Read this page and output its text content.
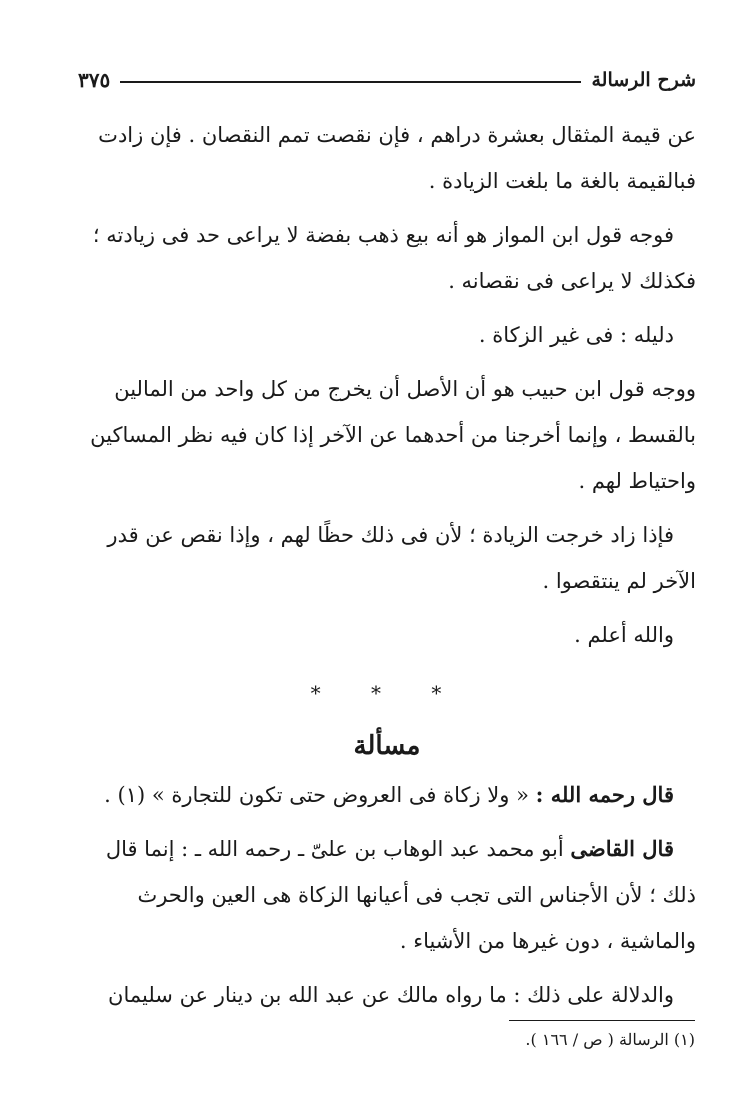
شرح الرسالة
٣٧٥
عن قيمة المثقال بعشرة دراهم ، فإن نقصت تمم النقصان . فإن زادت
فبالقيمة بالغة ما بلغت الزيادة .
فوجه قول ابن المواز هو أنه بيع ذهب بفضة لا يراعى حد فى زيادته ؛
فكذلك لا يراعى فى نقصانه .
دليله : فى غير الزكاة .
ووجه قول ابن حبيب هو أن الأصل أن يخرج من كل واحد من المالين
بالقسط ، وإنما أخرجنا من أحدهما عن الآخر إذا كان فيه نظر المساكين
واحتياط لهم .
فإذا زاد خرجت الزيادة ؛ لأن فى ذلك حظًا لهم ، وإذا نقص عن قدر
الآخر لم ينتقصوا .
والله أعلم .
* * *
مسألة
قال رحمه الله : « ولا زكاة فى العروض حتى تكون للتجارة » (١) .
قال القاضى أبو محمد عبد الوهاب بن علىّ ـ رحمه الله ـ : إنما قال
ذلك ؛ لأن الأجناس التى تجب فى أعيانها الزكاة هى العين والحرث
والماشية ، دون غيرها من الأشياء .
والدلالة على ذلك : ما رواه مالك عن عبد الله بن دينار عن سليمان
(١) الرسالة ( ص / ١٦٦ ).
